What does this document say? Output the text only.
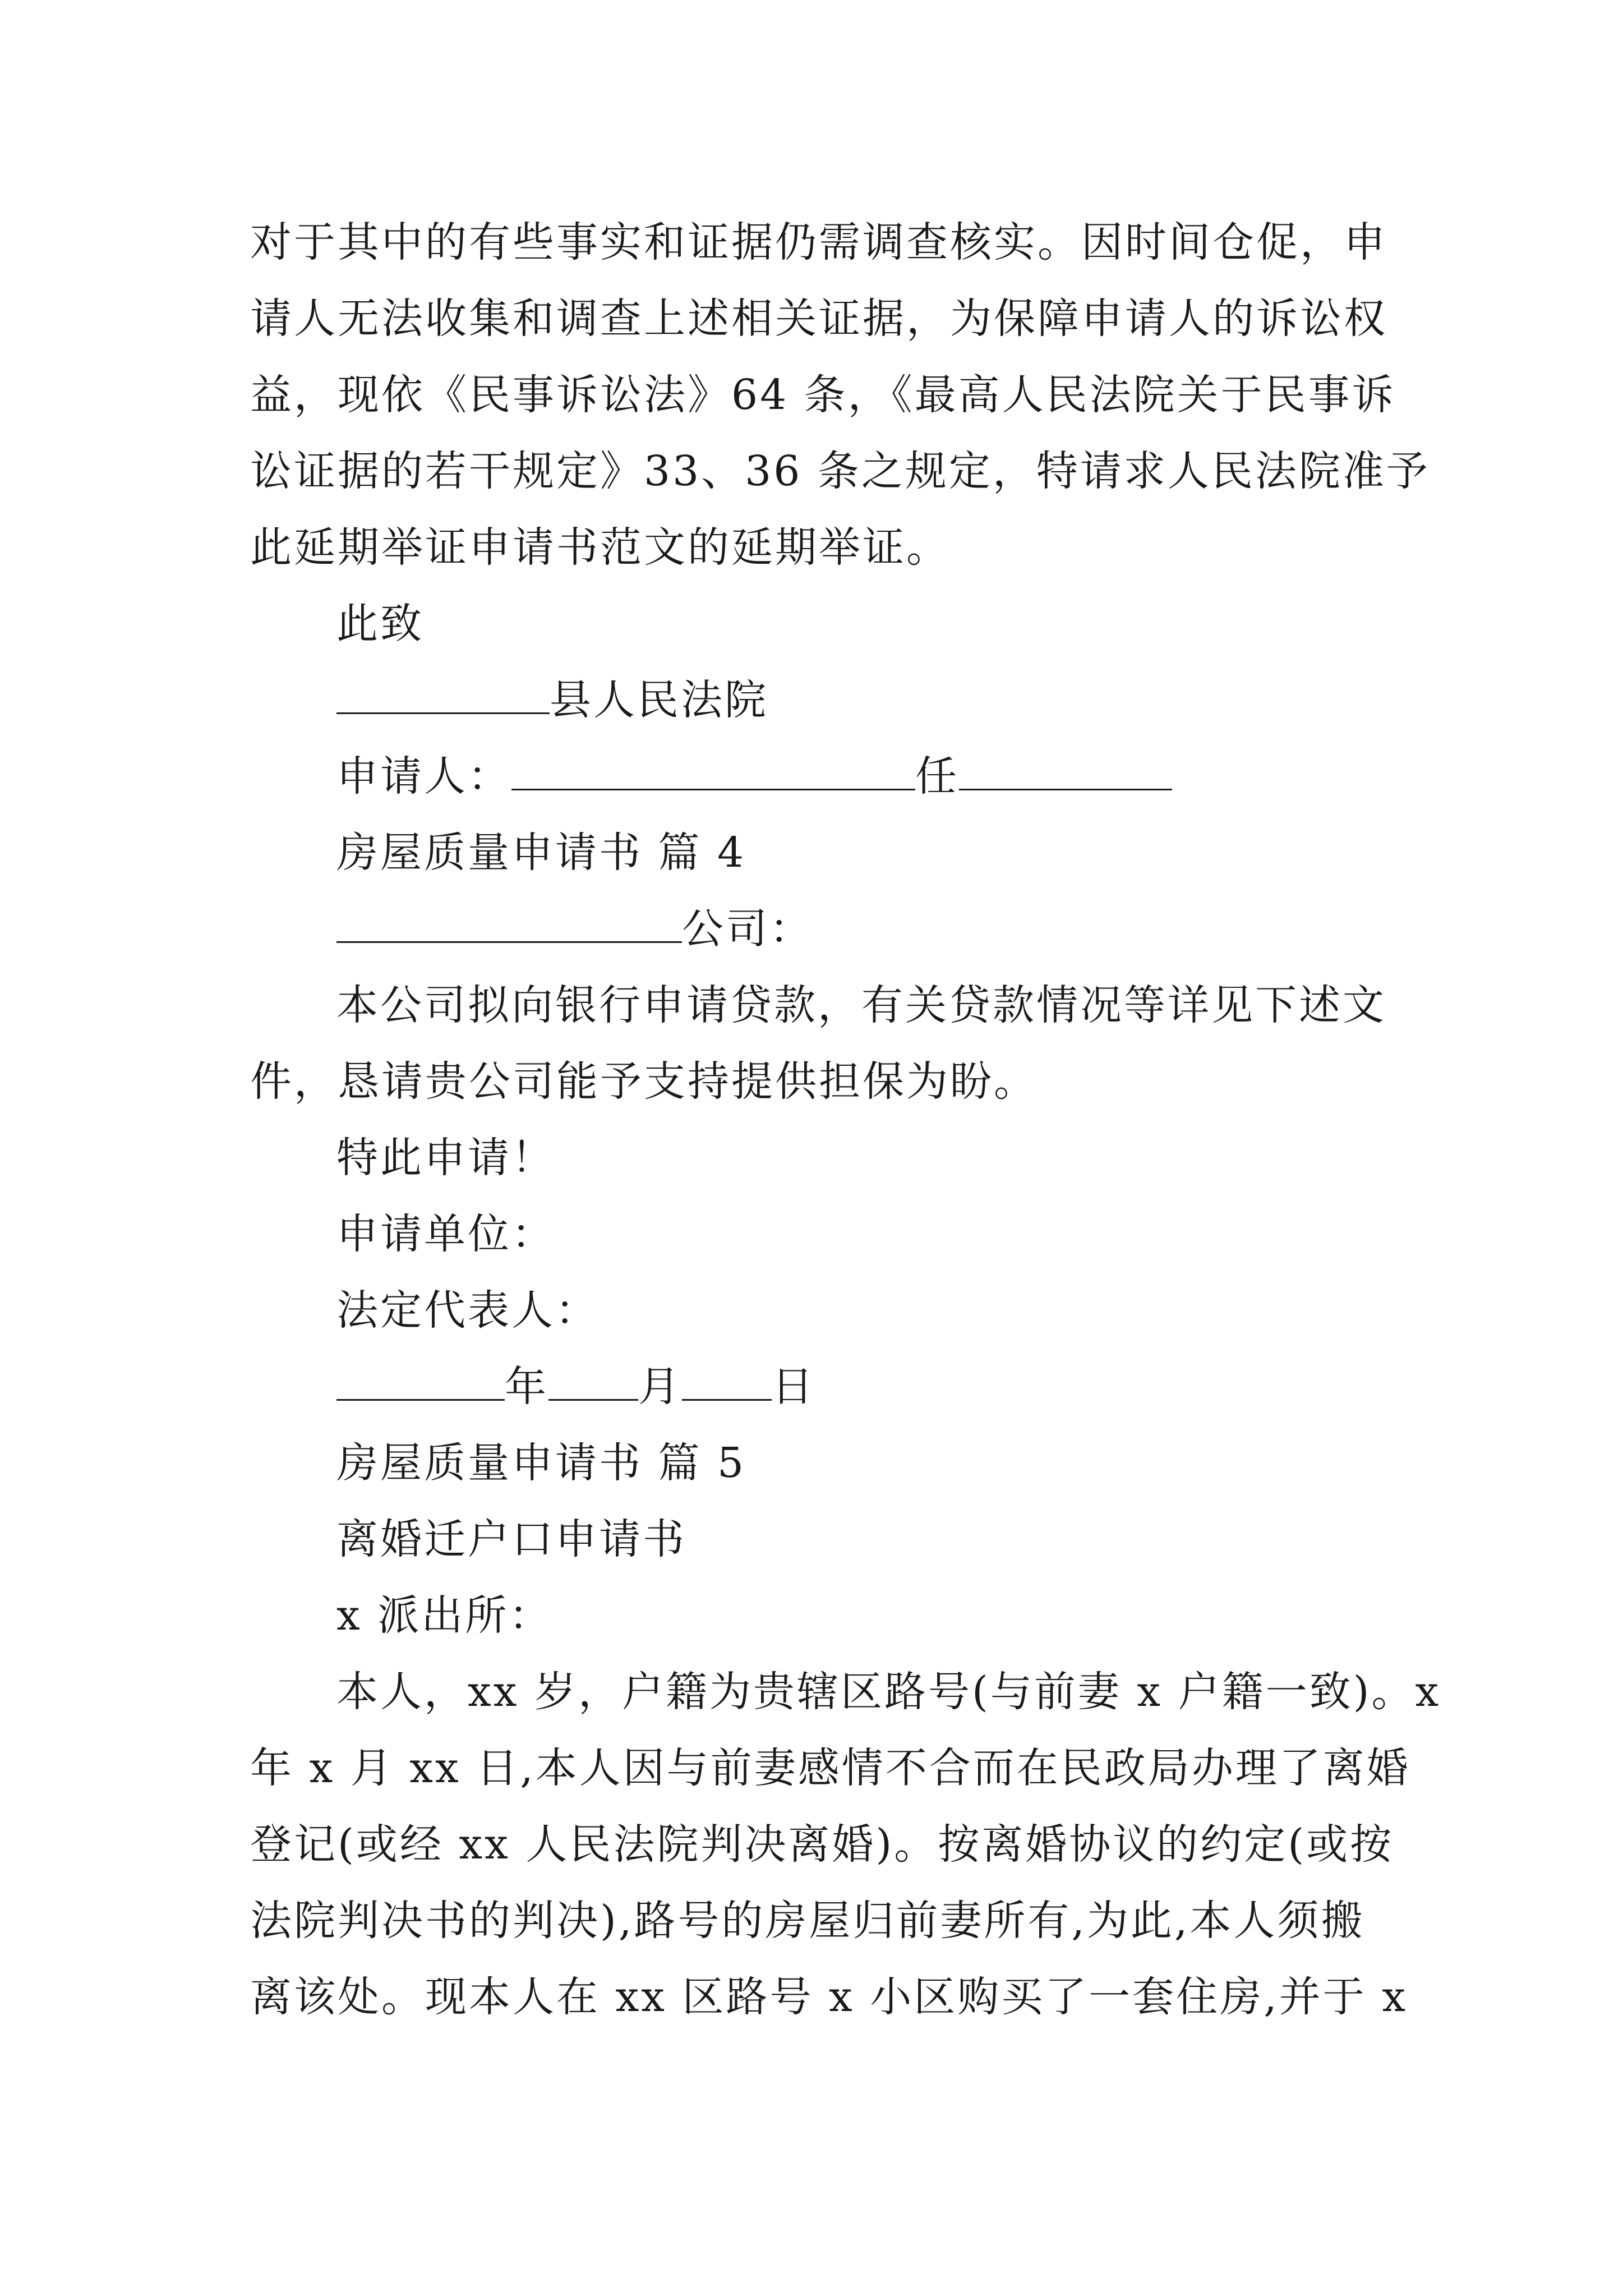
对于其中的有些事实和证据仍需调查核实。因时间仓促，申
请人无法收集和调查上述相关证据，为保障申请人的诉讼权
益，现依《民事诉讼法》64 条，《最高人民法院关于民事诉
讼证据的若干规定》33、36 条之规定，特请求人民法院准予
此延期举证申请书范文的延期举证。
此致
县人民法院
申请人：	任
房屋质量申请书 篇 4
公司：
本公司拟向银行申请贷款，有关贷款情况等详见下述文
件，恳请贵公司能予支持提供担保为盼。
特此申请！
申请单位：
法定代表人：
年 月 日
房屋质量申请书 篇 5
离婚迁户口申请书
x 派出所：
本人，xx 岁，户籍为贵辖区路号(与前妻 x 户籍一致)。x
年 x 月 xx 日,本人因与前妻感情不合而在民政局办理了离婚
登记(或经 xx 人民法院判决离婚)。按离婚协议的约定(或按
法院判决书的判决),路号的房屋归前妻所有,为此,本人须搬
离该处。现本人在 xx 区路号 x 小区购买了一套住房,并于 x
